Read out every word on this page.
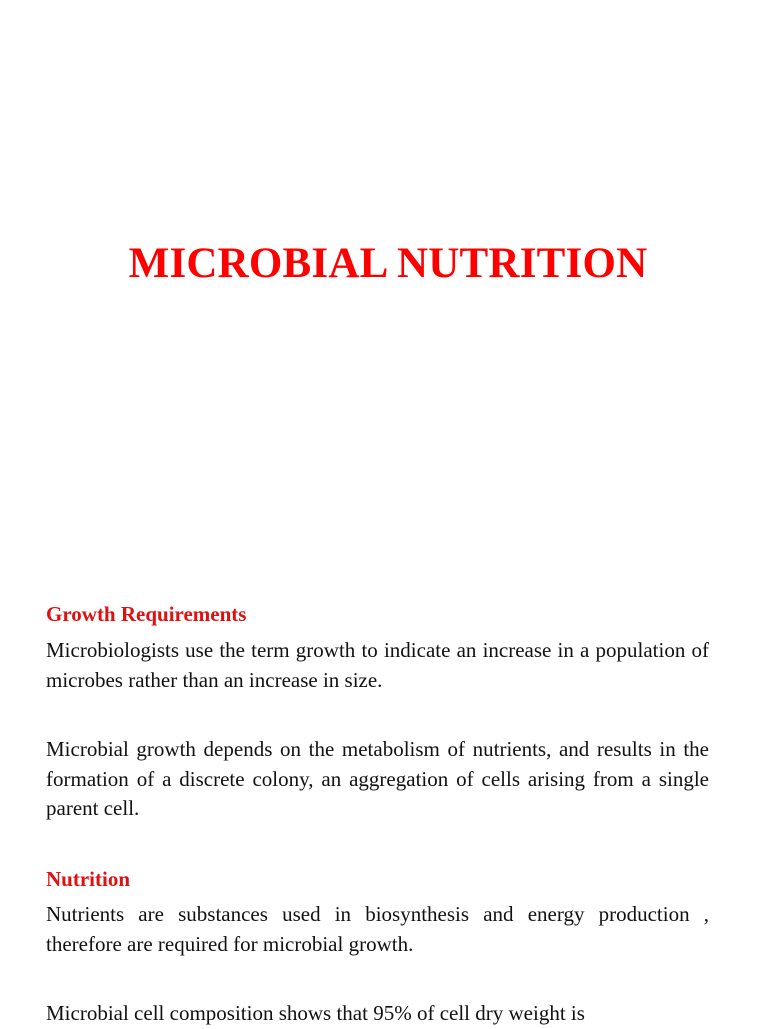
MICROBIAL NUTRITION
Growth Requirements

Microbiologists use the term growth to indicate an increase in a population of microbes rather than an increase in size.

Microbial growth depends on the metabolism of nutrients, and results in the formation of a discrete colony, an aggregation of cells arising from a single parent cell.

Nutrition

Nutrients are substances used in biosynthesis and energy production , therefore are required for microbial growth.

Microbial cell composition shows that 95% of cell dry weight is
